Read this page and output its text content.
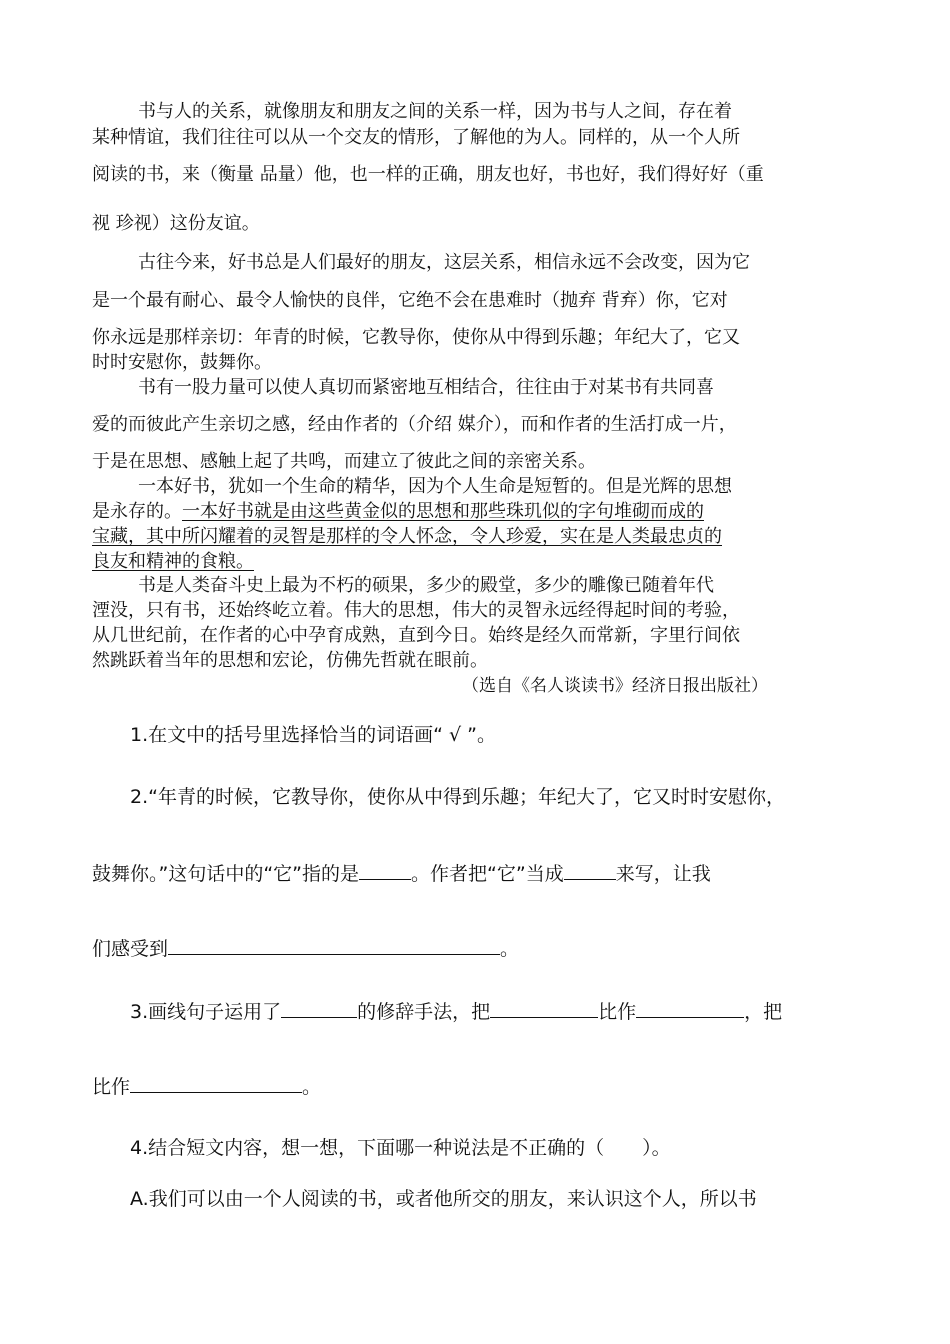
书与人的关系，就像朋友和朋友之间的关系一样，因为书与人之间，存在着
某种情谊，我们往往可以从一个交友的情形，了解他的为人。同样的，从一个人所
阅读的书，来（衡量 品量）他，也一样的正确，朋友也好，书也好，我们得好好（重
视 珍视）这份友谊。
古往今来，好书总是人们最好的朋友，这层关系，相信永远不会改变，因为它
是一个最有耐心、最令人愉快的良伴，它绝不会在患难时（抛弃 背弃）你，它对
你永远是那样亲切：年青的时候，它教导你，使你从中得到乐趣；年纪大了，它又
时时安慰你，鼓舞你。
书有一股力量可以使人真切而紧密地互相结合，往往由于对某书有共同喜
爱的而彼此产生亲切之感，经由作者的（介绍 媒介），而和作者的生活打成一片，
于是在思想、感触上起了共鸣，而建立了彼此之间的亲密关系。
一本好书，犹如一个生命的精华，因为个人生命是短暂的。但是光辉的思想
是永存的。一本好书就是由这些黄金似的思想和那些珠玑似的字句堆砌而成的
宝藏，其中所闪耀着的灵智是那样的令人怀念，令人珍爱，实在是人类最忠贞的
良友和精神的食粮。
书是人类奋斗史上最为不朽的硕果，多少的殿堂，多少的雕像已随着年代
湮没，只有书，还始终屹立着。伟大的思想，伟大的灵智永远经得起时间的考验，
从几世纪前，在作者的心中孕育成熟，直到今日。始终是经久而常新，字里行间依
然跳跃着当年的思想和宏论，仿佛先哲就在眼前。
（选自《名人谈读书》经济日报出版社）
1.在文中的括号里选择恰当的词语画“ √ ”。
2.“年青的时候，它教导你，使你从中得到乐趣；年纪大了，它又时时安慰你，
鼓舞你。”这句话中的“它”指的是	。作者把“它”当成	来写，让我
们感受到	。
3.画线句子运用了	的修辞手法，把	比作	，把
比作	。
4.结合短文内容，想一想，下面哪一种说法是不正确的（　　）。
A.我们可以由一个人阅读的书，或者他所交的朋友，来认识这个人，所以书
